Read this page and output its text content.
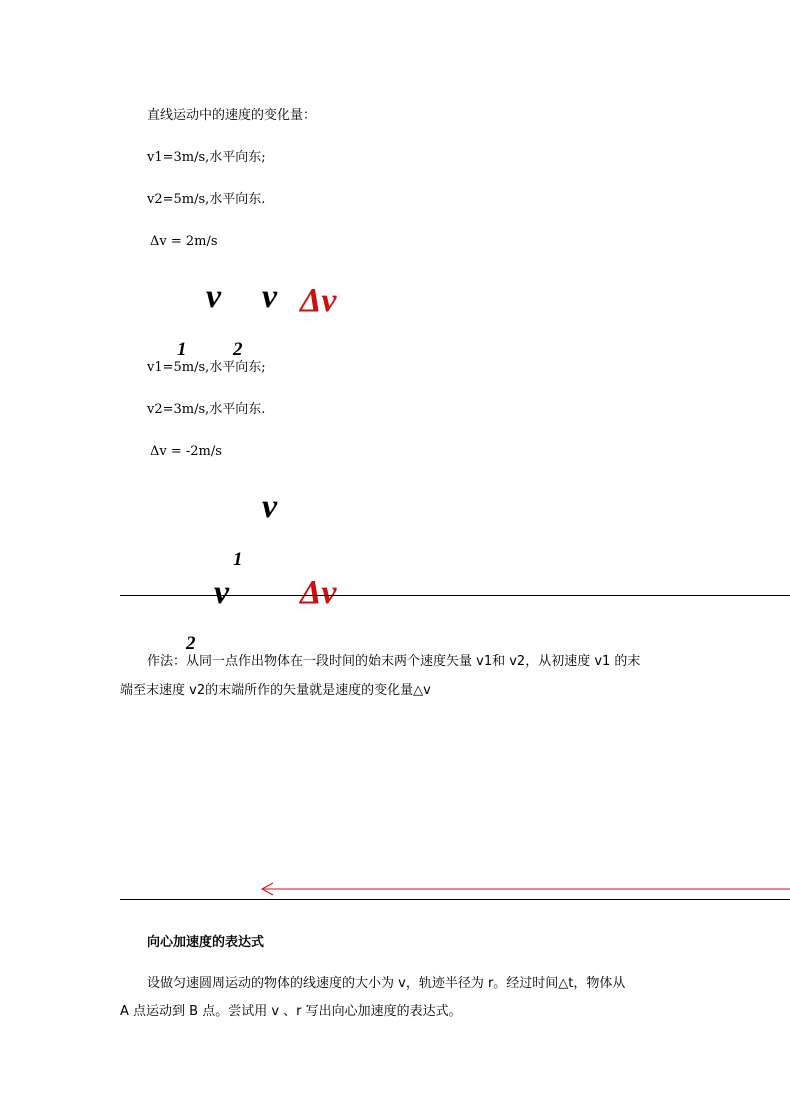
直线运动中的速度的变化量：
v1=3m/s,水平向东;
v2=5m/s,水平向东.
Δv = 2m/s
v v Δv
1 2
v1=5m/s,水平向东;
v2=3m/s,水平向东.
Δv = -2m/s
v
1
v Δv
2
作法：从同一点作出物体在一段时间的始末两个速度矢量 v1和 v2，从初速度 v1 的末
端至末速度 v2的末端所作的矢量就是速度的变化量△v
向心加速度的表达式
设做匀速圆周运动的物体的线速度的大小为 v，轨迹半径为 r。经过时间△t，物体从
A 点运动到 B 点。尝试用 v 、r 写出向心加速度的表达式。
